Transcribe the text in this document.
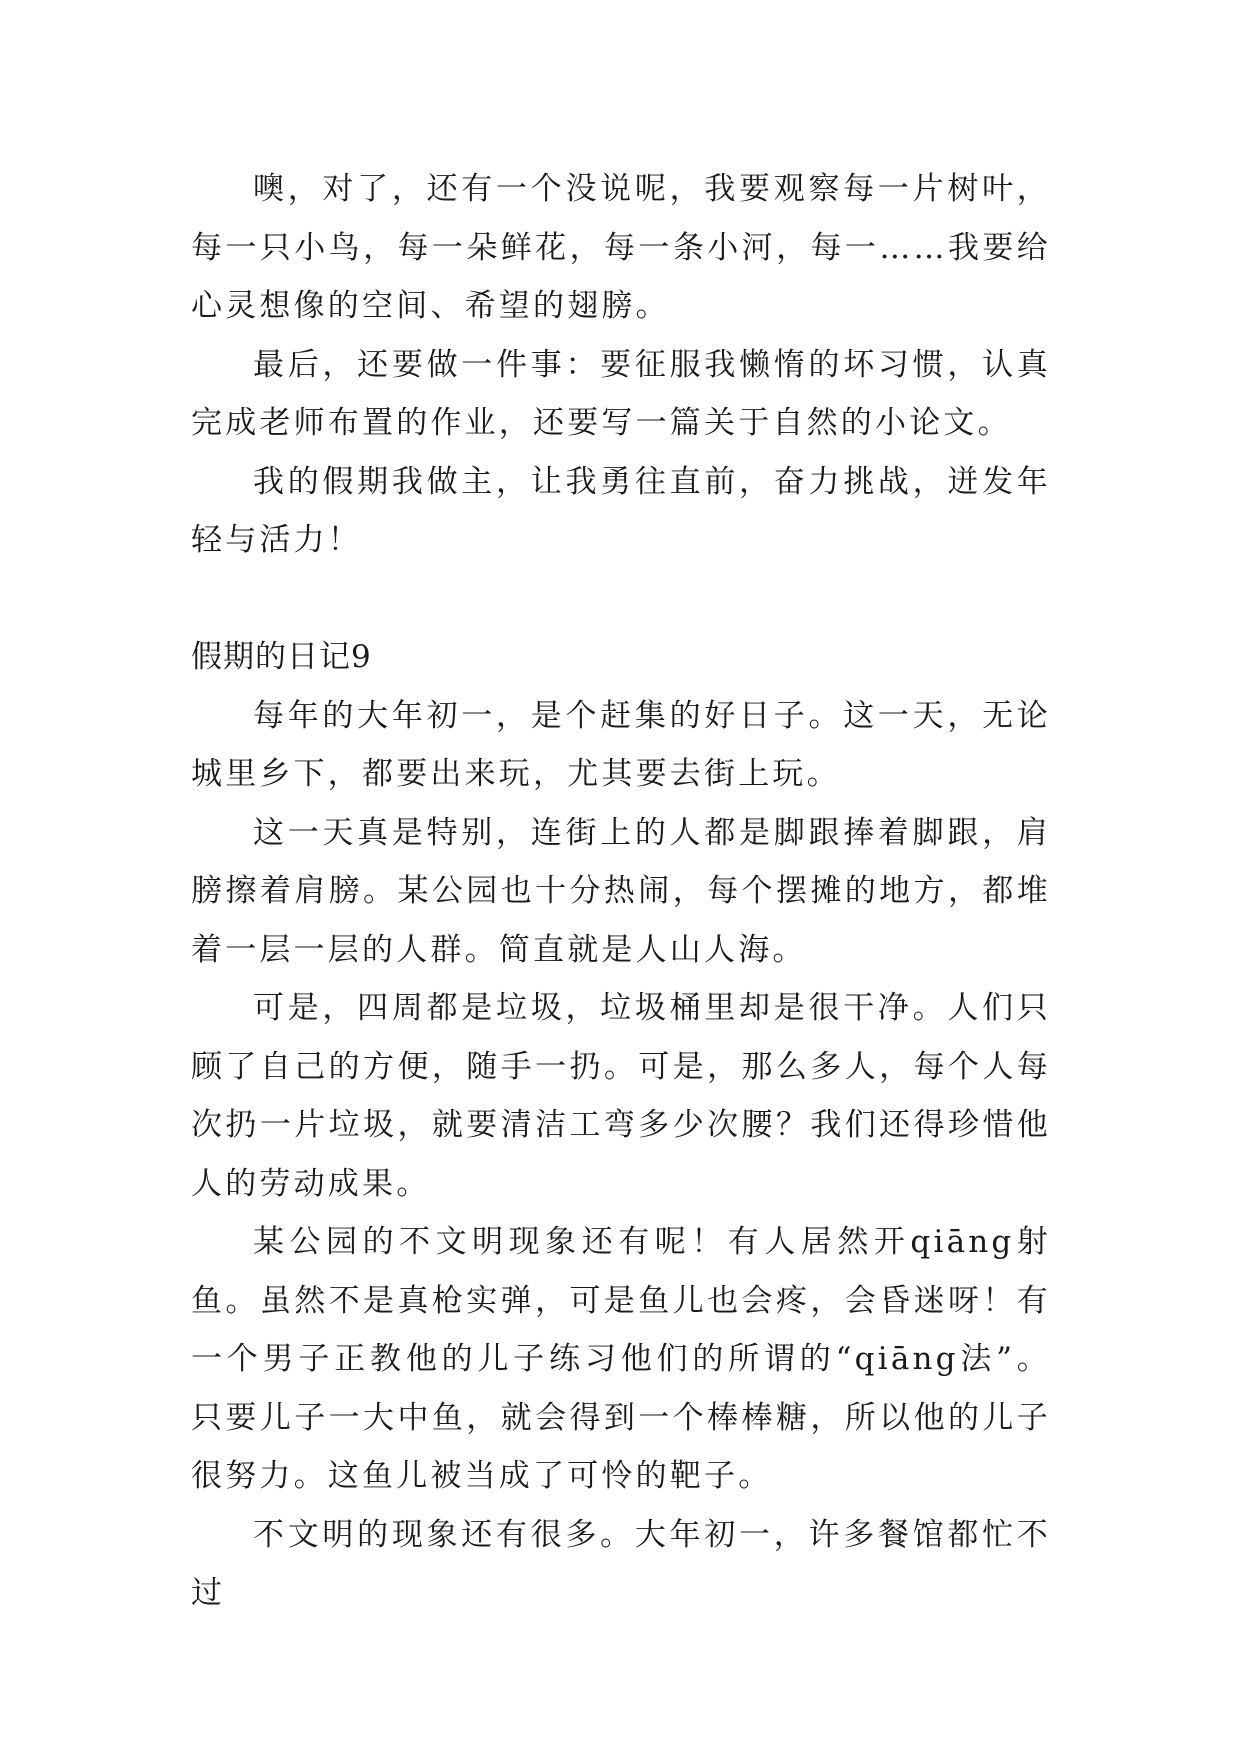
噢，对了，还有一个没说呢，我要观察每一片树叶，每一只小鸟，每一朵鲜花，每一条小河，每一……我要给心灵想像的空间、希望的翅膀。

最后，还要做一件事：要征服我懒惰的坏习惯，认真完成老师布置的作业，还要写一篇关于自然的小论文。

我的假期我做主，让我勇往直前，奋力挑战，迸发年轻与活力！

假期的日记9

每年的大年初一，是个赶集的好日子。这一天，无论城里乡下，都要出来玩，尤其要去街上玩。

这一天真是特别，连街上的人都是脚跟捧着脚跟，肩膀擦着肩膀。某公园也十分热闹，每个摆摊的地方，都堆着一层一层的人群。简直就是人山人海。

可是，四周都是垃圾，垃圾桶里却是很干净。人们只顾了自己的方便，随手一扔。可是，那么多人，每个人每次扔一片垃圾，就要清洁工弯多少次腰？我们还得珍惜他人的劳动成果。

某公园的不文明现象还有呢！有人居然开qiāng射鱼。虽然不是真枪实弹，可是鱼儿也会疼，会昏迷呀！有一个男子正教他的儿子练习他们的所谓的“qiāng法”。只要儿子一大中鱼，就会得到一个棒棒糖，所以他的儿子很努力。这鱼儿被当成了可怜的靶子。

不文明的现象还有很多。大年初一，许多餐馆都忙不过
